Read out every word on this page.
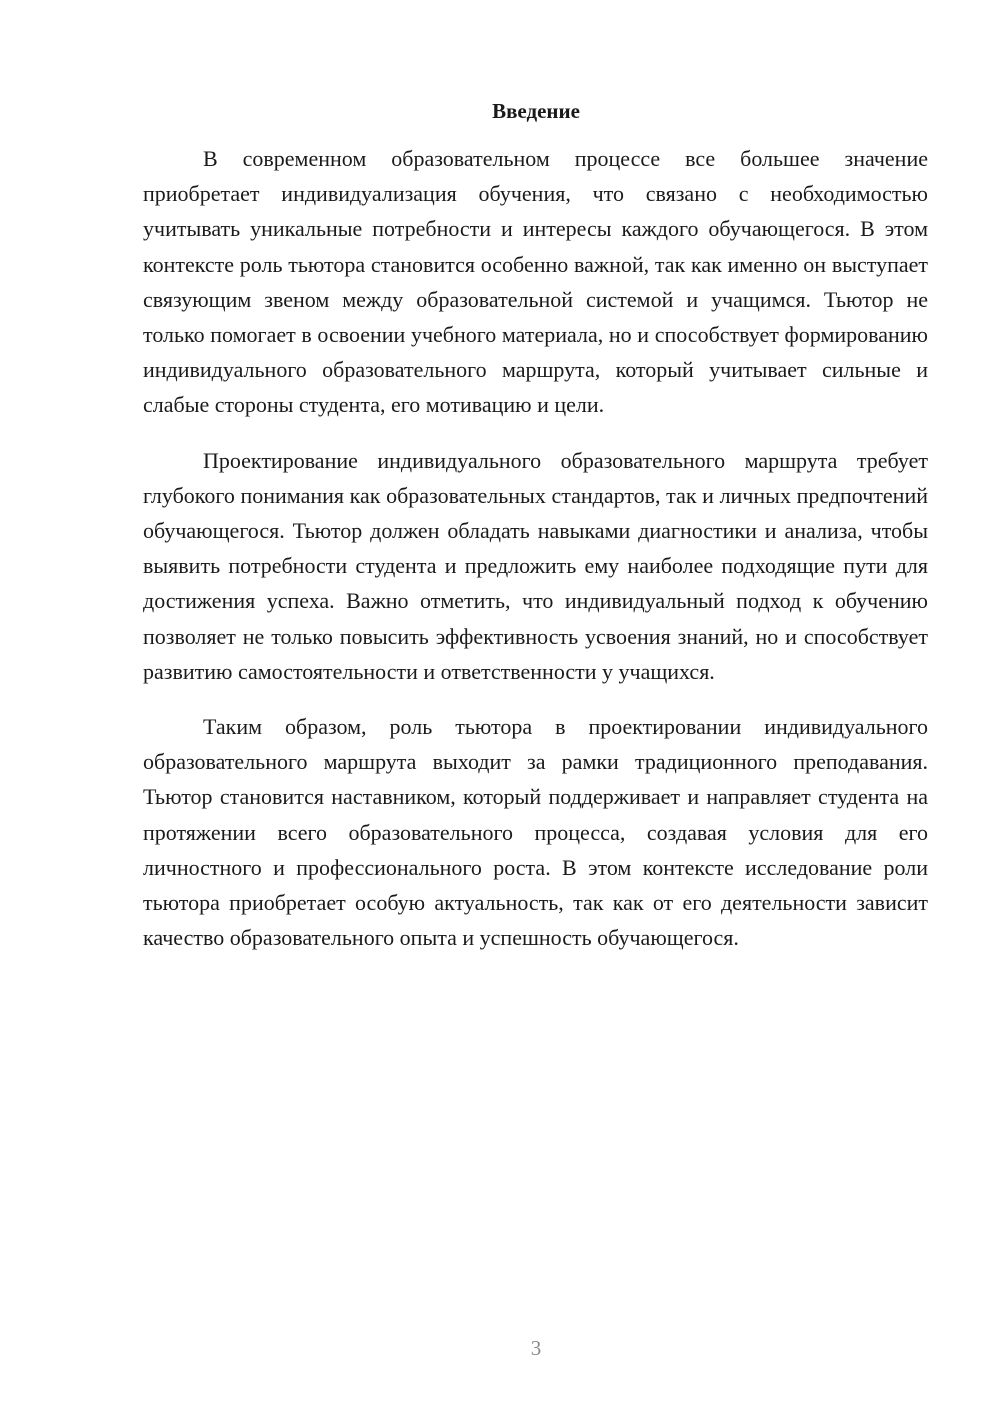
Введение

В современном образовательном процессе все большее значение приобретает индивидуализация обучения, что связано с необходимостью учитывать уникальные потребности и интересы каждого обучающегося. В этом контексте роль тьютора становится особенно важной, так как именно он выступает связующим звеном между образовательной системой и учащимся. Тьютор не только помогает в освоении учебного материала, но и способствует формированию индивидуального образовательного маршрута, который учитывает сильные и слабые стороны студента, его мотивацию и цели.

Проектирование индивидуального образовательного маршрута требует глубокого понимания как образовательных стандартов, так и личных предпочтений обучающегося. Тьютор должен обладать навыками диагностики и анализа, чтобы выявить потребности студента и предложить ему наиболее подходящие пути для достижения успеха. Важно отметить, что индивидуальный подход к обучению позволяет не только повысить эффективность усвоения знаний, но и способствует развитию самостоятельности и ответственности у учащихся.

Таким образом, роль тьютора в проектировании индивидуального образовательного маршрута выходит за рамки традиционного преподавания. Тьютор становится наставником, который поддерживает и направляет студента на протяжении всего образовательного процесса, создавая условия для его личностного и профессионального роста. В этом контексте исследование роли тьютора приобретает особую актуальность, так как от его деятельности зависит качество образовательного опыта и успешность обучающегося.

3
